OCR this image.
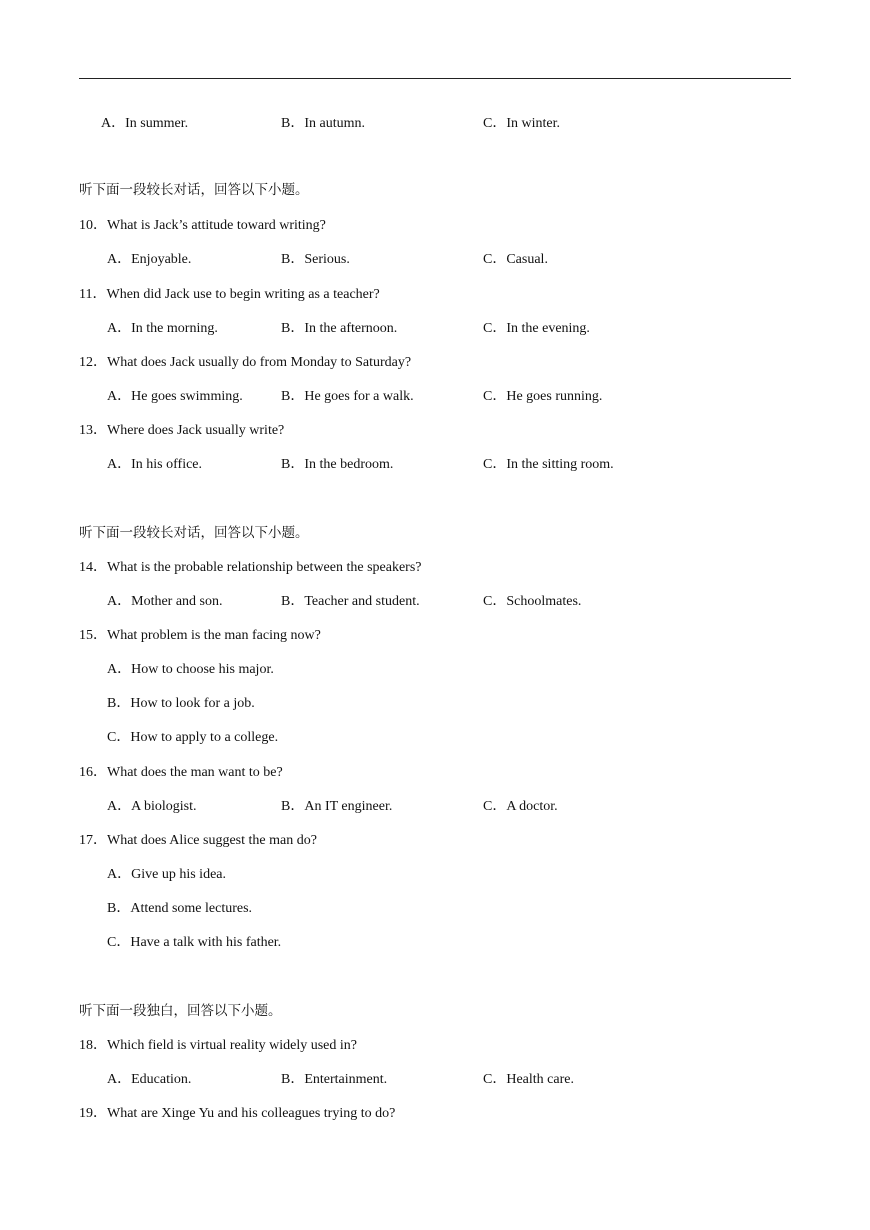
A．In summer.	B．In autumn.	C．In winter.
听下面一段较长对话，回答以下小题。
10．What is Jack’s attitude toward writing?
A．Enjoyable.	B．Serious.	C．Casual.
11．When did Jack use to begin writing as a teacher?
A．In the morning.	B．In the afternoon.	C．In the evening.
12．What does Jack usually do from Monday to Saturday?
A．He goes swimming.	B．He goes for a walk.	C．He goes running.
13．Where does Jack usually write?
A．In his office.	B．In the bedroom.	C．In the sitting room.
听下面一段较长对话，回答以下小题。
14．What is the probable relationship between the speakers?
A．Mother and son.	B．Teacher and student.	C．Schoolmates.
15．What problem is the man facing now?
A．How to choose his major.
B．How to look for a job.
C．How to apply to a college.
16．What does the man want to be?
A．A biologist.	B．An IT engineer.	C．A doctor.
17．What does Alice suggest the man do?
A．Give up his idea.
B．Attend some lectures.
C．Have a talk with his father.
听下面一段独白，回答以下小题。
18．Which field is virtual reality widely used in?
A．Education.	B．Entertainment.	C．Health care.
19．What are Xinge Yu and his colleagues trying to do?
